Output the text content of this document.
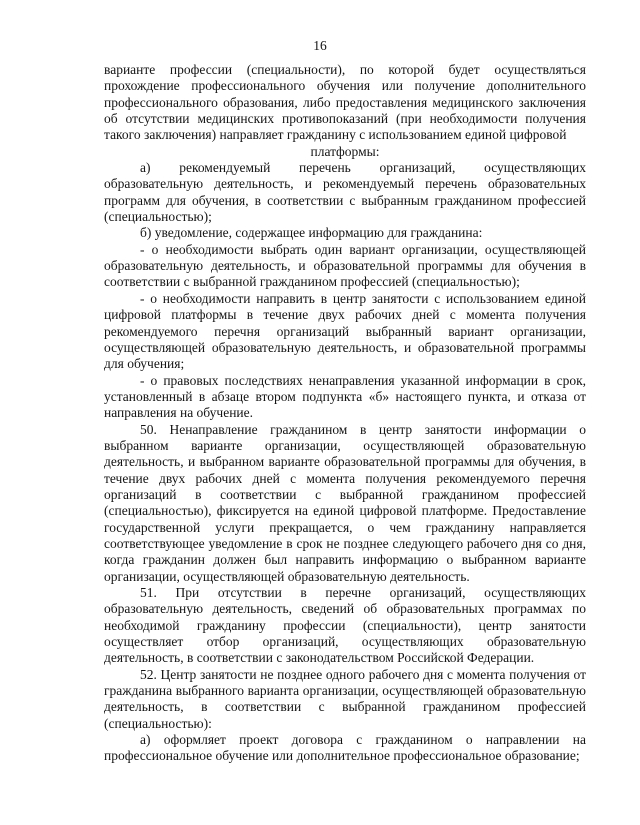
16

варианте профессии (специальности), по которой будет осуществляться прохождение профессионального обучения или получение дополнительного профессионального образования, либо предоставления медицинского заключения об отсутствии медицинских противопоказаний (при необходимости получения такого заключения) направляет гражданину с использованием единой цифровой

платформы:

а) рекомендуемый перечень организаций, осуществляющих образовательную деятельность, и рекомендуемый перечень образовательных программ для обучения, в соответствии с выбранным гражданином профессией (специальностью);

б) уведомление, содержащее информацию для гражданина:

- о необходимости выбрать один вариант организации, осуществляющей образовательную деятельность, и образовательной программы для обучения в соответствии с выбранной гражданином профессией (специальностью);

- о необходимости направить в центр занятости с использованием единой цифровой платформы в течение двух рабочих дней с момента получения рекомендуемого перечня организаций выбранный вариант организации, осуществляющей образовательную деятельность, и образовательной программы для обучения;

- о правовых последствиях ненаправления указанной информации в срок, установленный в абзаце втором подпункта «б» настоящего пункта, и отказа от направления на обучение.

50. Ненаправление гражданином в центр занятости информации о выбранном варианте организации, осуществляющей образовательную деятельность, и выбранном варианте образовательной программы для обучения, в течение двух рабочих дней с момента получения рекомендуемого перечня организаций в соответствии с выбранной гражданином профессией (специальностью), фиксируется на единой цифровой платформе. Предоставление государственной услуги прекращается, о чем гражданину направляется соответствующее уведомление в срок не позднее следующего рабочего дня со дня, когда гражданин должен был направить информацию о выбранном варианте организации, осуществляющей образовательную деятельность.

51. При отсутствии в перечне организаций, осуществляющих образовательную деятельность, сведений об образовательных программах по необходимой гражданину профессии (специальности), центр занятости осуществляет отбор организаций, осуществляющих образовательную деятельность, в соответствии с законодательством Российской Федерации.

52. Центр занятости не позднее одного рабочего дня с момента получения от гражданина выбранного варианта организации, осуществляющей образовательную деятельность, в соответствии с выбранной гражданином профессией (специальностью):

а) оформляет проект договора с гражданином о направлении на профессиональное обучение или дополнительное профессиональное образование;
